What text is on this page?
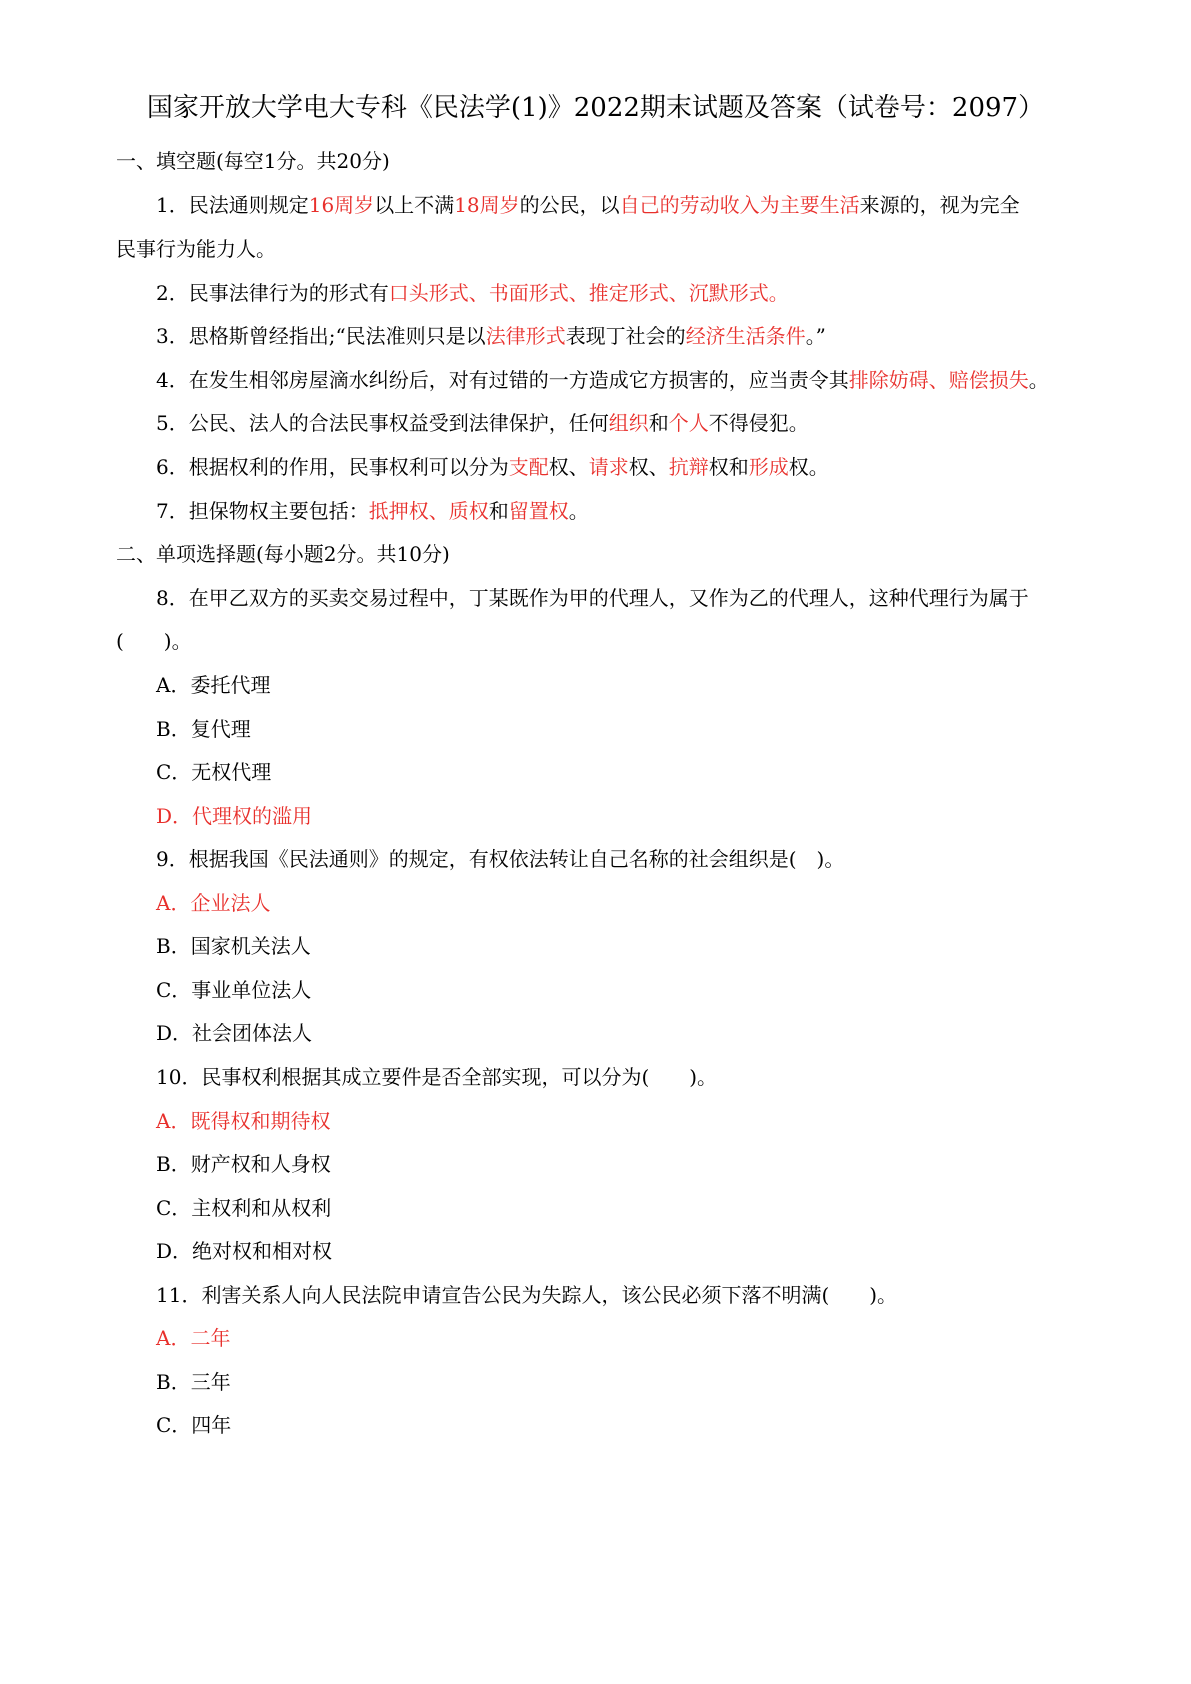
国家开放大学电大专科《民法学(1)》2022期末试题及答案（试卷号：2097）
一、填空题(每空1分。共20分)
1．民法通则规定16周岁以上不满18周岁的公民，以自己的劳动收入为主要生活来源的，视为完全
民事行为能力人。
2．民事法律行为的形式有口头形式、书面形式、推定形式、沉默形式。
3．思格斯曾经指出;“民法准则只是以法律形式表现丁社会的经济生活条件。”
4．在发生相邻房屋滴水纠纷后，对有过错的一方造成它方损害的，应当责令其排除妨碍、赔偿损失。
5．公民、法人的合法民事权益受到法律保护，任何组织和个人不得侵犯。
6．根据权利的作用，民事权利可以分为支配权、请求权、抗辩权和形成权。
7．担保物权主要包括：抵押权、质权和留置权。
二、单项选择题(每小题2分。共10分)
8．在甲乙双方的买卖交易过程中，丁某既作为甲的代理人，又作为乙的代理人，这种代理行为属于
(　　)。
A．委托代理
B．复代理
C．无权代理
D．代理权的滥用
9．根据我国《民法通则》的规定，有权依法转让自己名称的社会组织是(　)。
A．企业法人
B．国家机关法人
C．事业单位法人
D．社会团体法人
10．民事权利根据其成立要件是否全部实现，可以分为(　　)。
A．既得权和期待权
B．财产权和人身权
C．主权利和从权利
D．绝对权和相对权
11．利害关系人向人民法院申请宣告公民为失踪人，该公民必须下落不明满(　　)。
A．二年
B．三年
C．四年
